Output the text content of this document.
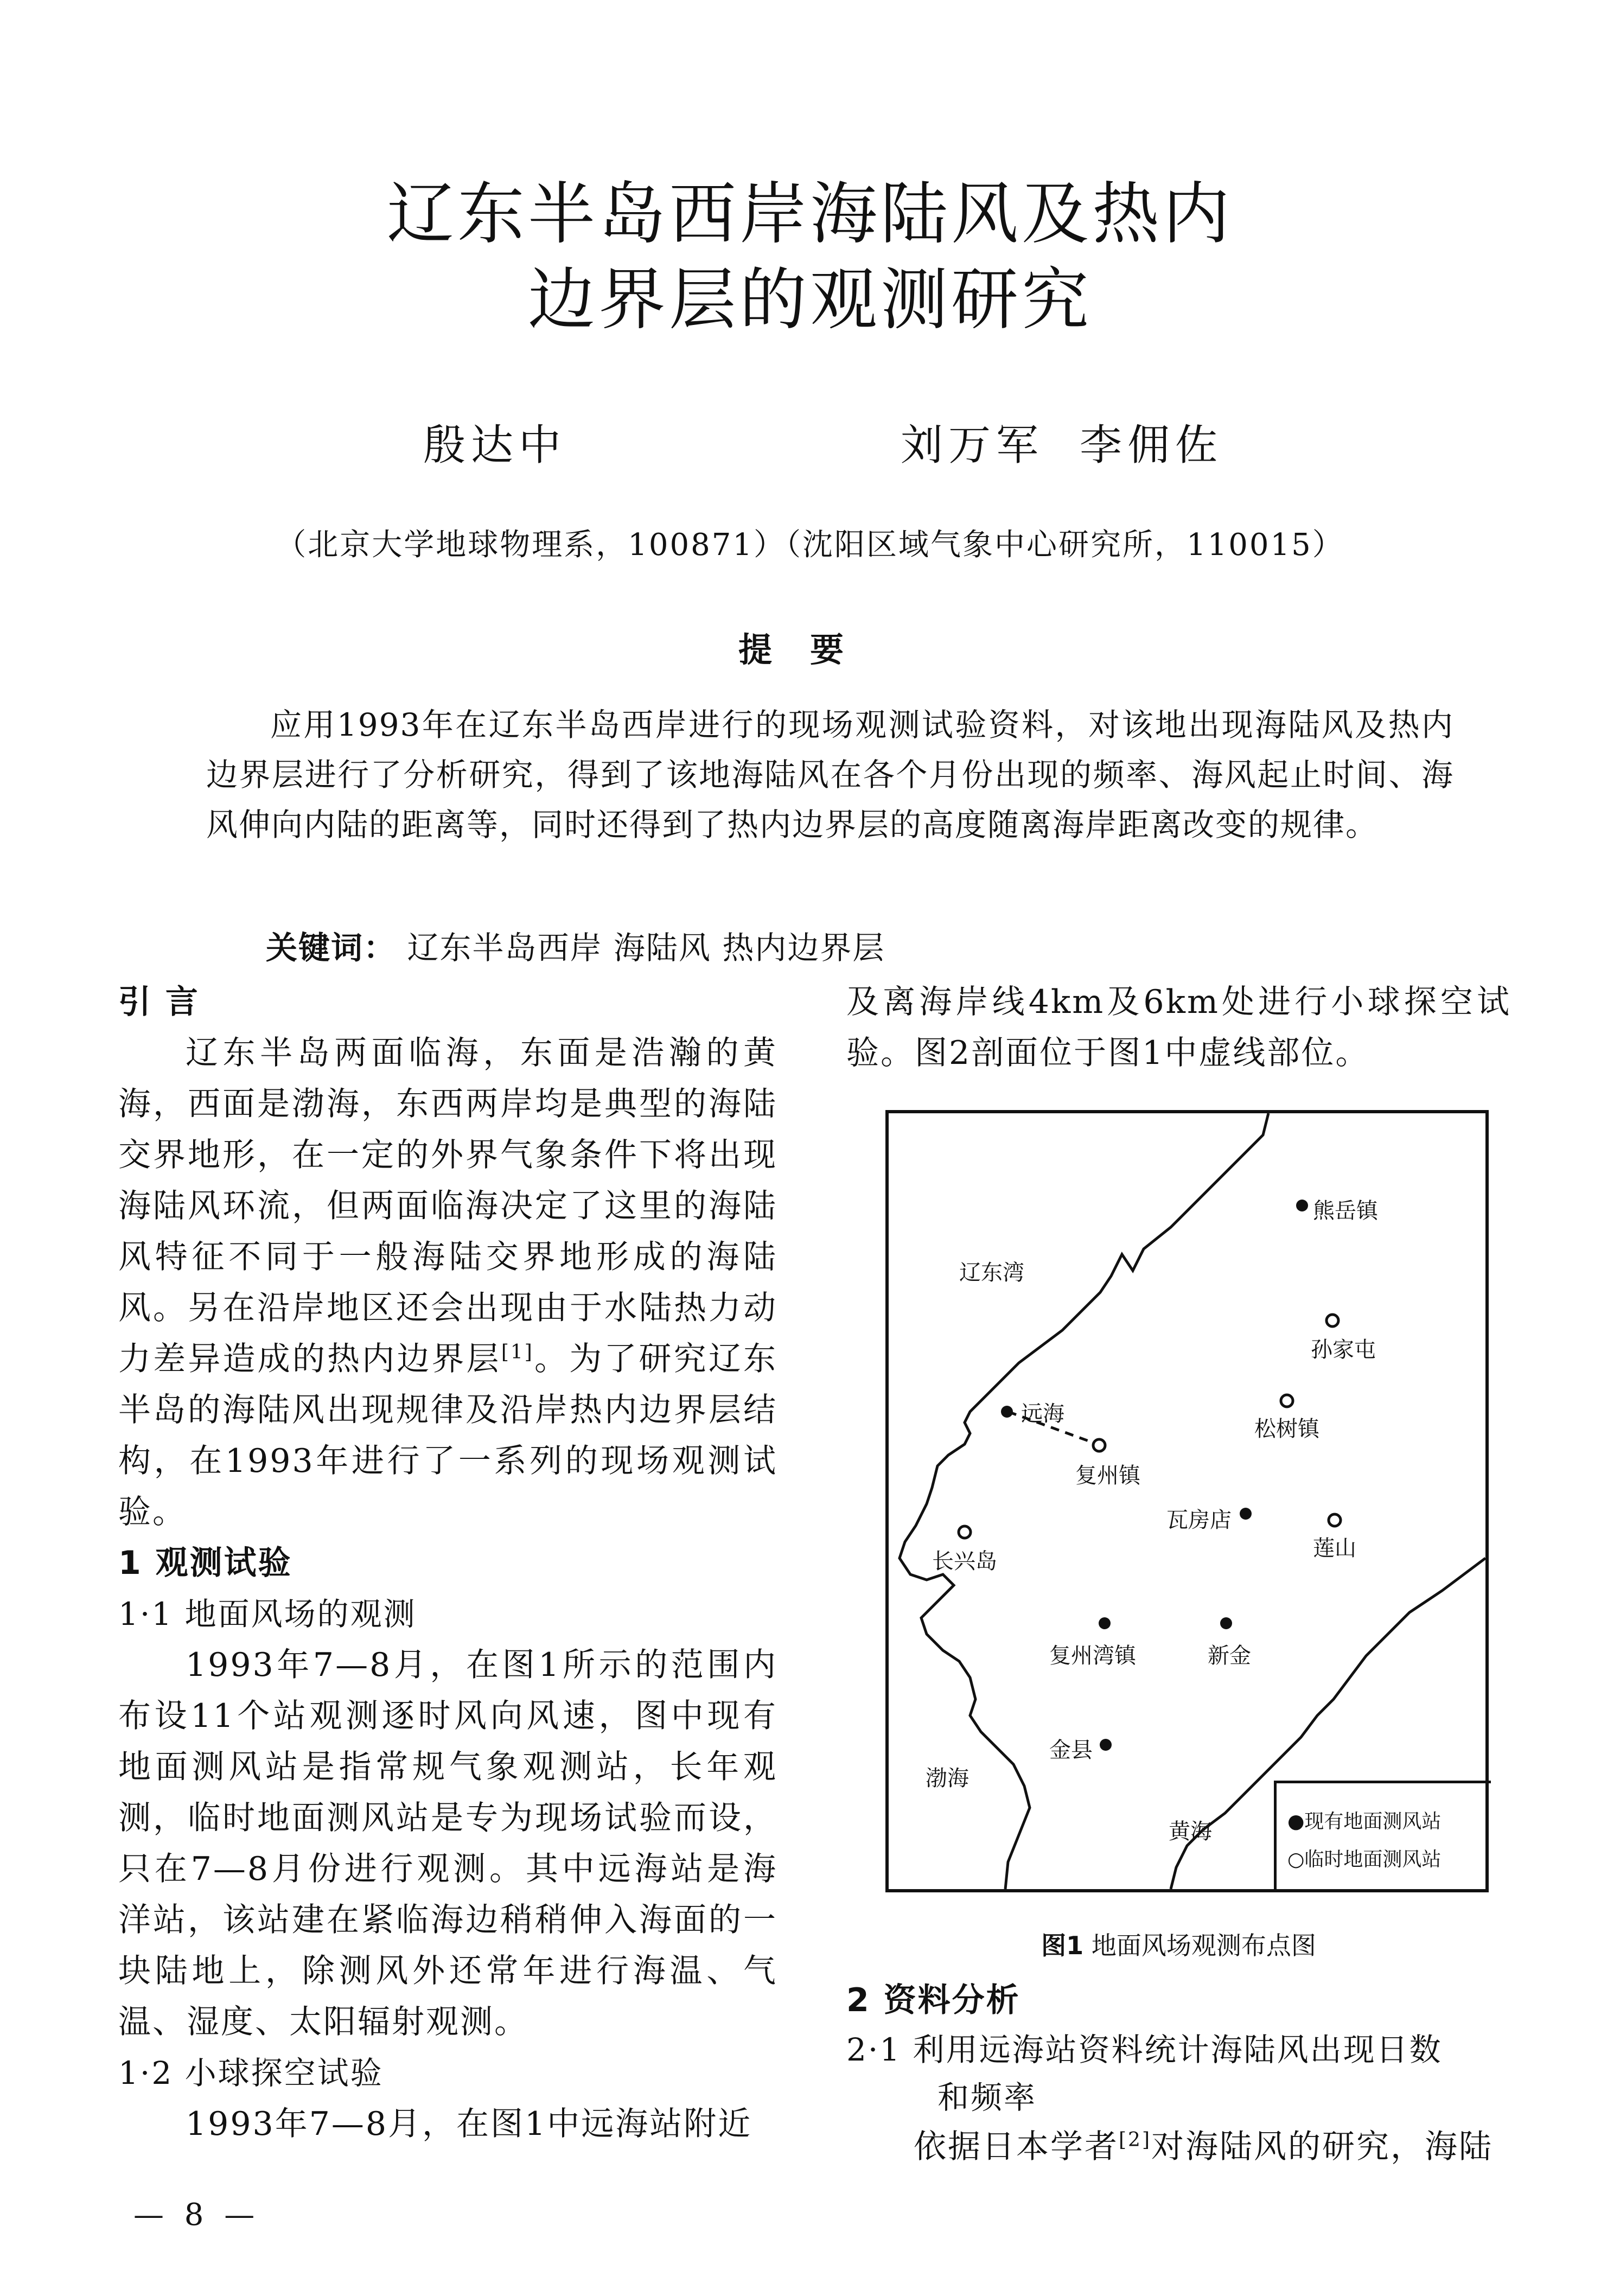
辽东半岛西岸海陆风及热内
边界层的观测研究
殷达中	刘万军 李佣佐
（北京大学地球物理系，100871）（沈阳区域气象中心研究所，110015）
提要

应用1993年在辽东半岛西岸进行的现场观测试验资料，对该地出现海陆风及热内边界层进行了分析研究，得到了该地海陆风在各个月份出现的频率、海风起止时间、海风伸向内陆的距离等，同时还得到了热内边界层的高度随离海岸距离改变的规律。

关键词： 辽东半岛西岸 海陆风 热内边界层

引 言

辽东半岛两面临海，东面是浩瀚的黄海，西面是渤海，东西两岸均是典型的海陆交界地形，在一定的外界气象条件下将出现海陆风环流，但两面临海决定了这里的海陆风特征不同于一般海陆交界地形成的海陆风。另在沿岸地区还会出现由于水陆热力动力差异造成的热内边界层[1]。为了研究辽东半岛的海陆风出现规律及沿岸热内边界层结构，在1993年进行了一系列的现场观测试验。

1 观测试验

1·1 地面风场的观测

1993年7—8月，在图1所示的范围内布设11个站观测逐时风向风速，图中现有地面测风站是指常规气象观测站，长年观测，临时地面测风站是专为现场试验而设，只在7—8月份进行观测。其中远海站是海洋站，该站建在紧临海边稍稍伸入海面的一块陆地上，除测风外还常年进行海温、气温、湿度、太阳辐射观测。

1·2 小球探空试验

1993年7—8月，在图1中远海站附近

及离海岸线4km及6km处进行小球探空试验。图2剖面位于图1中虚线部位。

熊岳镇
辽东湾
孙家屯
松树镇
远海
复州镇
瓦房店
莲山
长兴岛
复州湾镇	新金
渤海
金县
黄海	●现有地面测风站
○临时地面测风站
图1 地面风场观测布点图

2 资料分析

2·1 利用远海站资料统计海陆风出现日数

和频率

依据日本学者[2]对海陆风的研究，海陆

— 8 —
